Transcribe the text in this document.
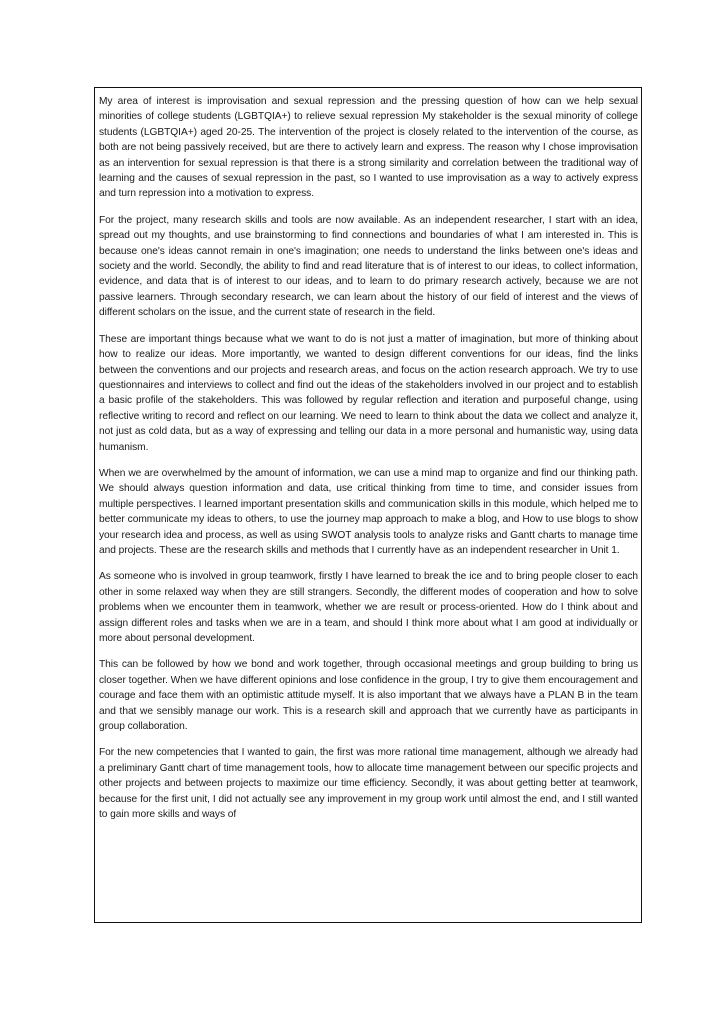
My area of interest is improvisation and sexual repression and the pressing question of how can we help sexual minorities of college students (LGBTQIA+) to relieve sexual repression My stakeholder is the sexual minority of college students (LGBTQIA+) aged 20-25. The intervention of the project is closely related to the intervention of the course, as both are not being passively received, but are there to actively learn and express. The reason why I chose improvisation as an intervention for sexual repression is that there is a strong similarity and correlation between the traditional way of learning and the causes of sexual repression in the past, so I wanted to use improvisation as a way to actively express and turn repression into a motivation to express.

For the project, many research skills and tools are now available. As an independent researcher, I start with an idea, spread out my thoughts, and use brainstorming to find connections and boundaries of what I am interested in. This is because one's ideas cannot remain in one's imagination; one needs to understand the links between one's ideas and society and the world. Secondly, the ability to find and read literature that is of interest to our ideas, to collect information, evidence, and data that is of interest to our ideas, and to learn to do primary research actively, because we are not passive learners. Through secondary research, we can learn about the history of our field of interest and the views of different scholars on the issue, and the current state of research in the field.

These are important things because what we want to do is not just a matter of imagination, but more of thinking about how to realize our ideas. More importantly, we wanted to design different conventions for our ideas, find the links between the conventions and our projects and research areas, and focus on the action research approach. We try to use questionnaires and interviews to collect and find out the ideas of the stakeholders involved in our project and to establish a basic profile of the stakeholders. This was followed by regular reflection and iteration and purposeful change, using reflective writing to record and reflect on our learning. We need to learn to think about the data we collect and analyze it, not just as cold data, but as a way of expressing and telling our data in a more personal and humanistic way, using data humanism.

When we are overwhelmed by the amount of information, we can use a mind map to organize and find our thinking path. We should always question information and data, use critical thinking from time to time, and consider issues from multiple perspectives. I learned important presentation skills and communication skills in this module, which helped me to better communicate my ideas to others, to use the journey map approach to make a blog, and How to use blogs to show your research idea and process, as well as using SWOT analysis tools to analyze risks and Gantt charts to manage time and projects. These are the research skills and methods that I currently have as an independent researcher in Unit 1.

As someone who is involved in group teamwork, firstly I have learned to break the ice and to bring people closer to each other in some relaxed way when they are still strangers. Secondly, the different modes of cooperation and how to solve problems when we encounter them in teamwork, whether we are result or process-oriented. How do I think about and assign different roles and tasks when we are in a team, and should I think more about what I am good at individually or more about personal development.

This can be followed by how we bond and work together, through occasional meetings and group building to bring us closer together. When we have different opinions and lose confidence in the group, I try to give them encouragement and courage and face them with an optimistic attitude myself. It is also important that we always have a PLAN B in the team and that we sensibly manage our work. This is a research skill and approach that we currently have as participants in group collaboration.

For the new competencies that I wanted to gain, the first was more rational time management, although we already had a preliminary Gantt chart of time management tools, how to allocate time management between our specific projects and other projects and between projects to maximize our time efficiency. Secondly, it was about getting better at teamwork, because for the first unit, I did not actually see any improvement in my group work until almost the end, and I still wanted to gain more skills and ways of
